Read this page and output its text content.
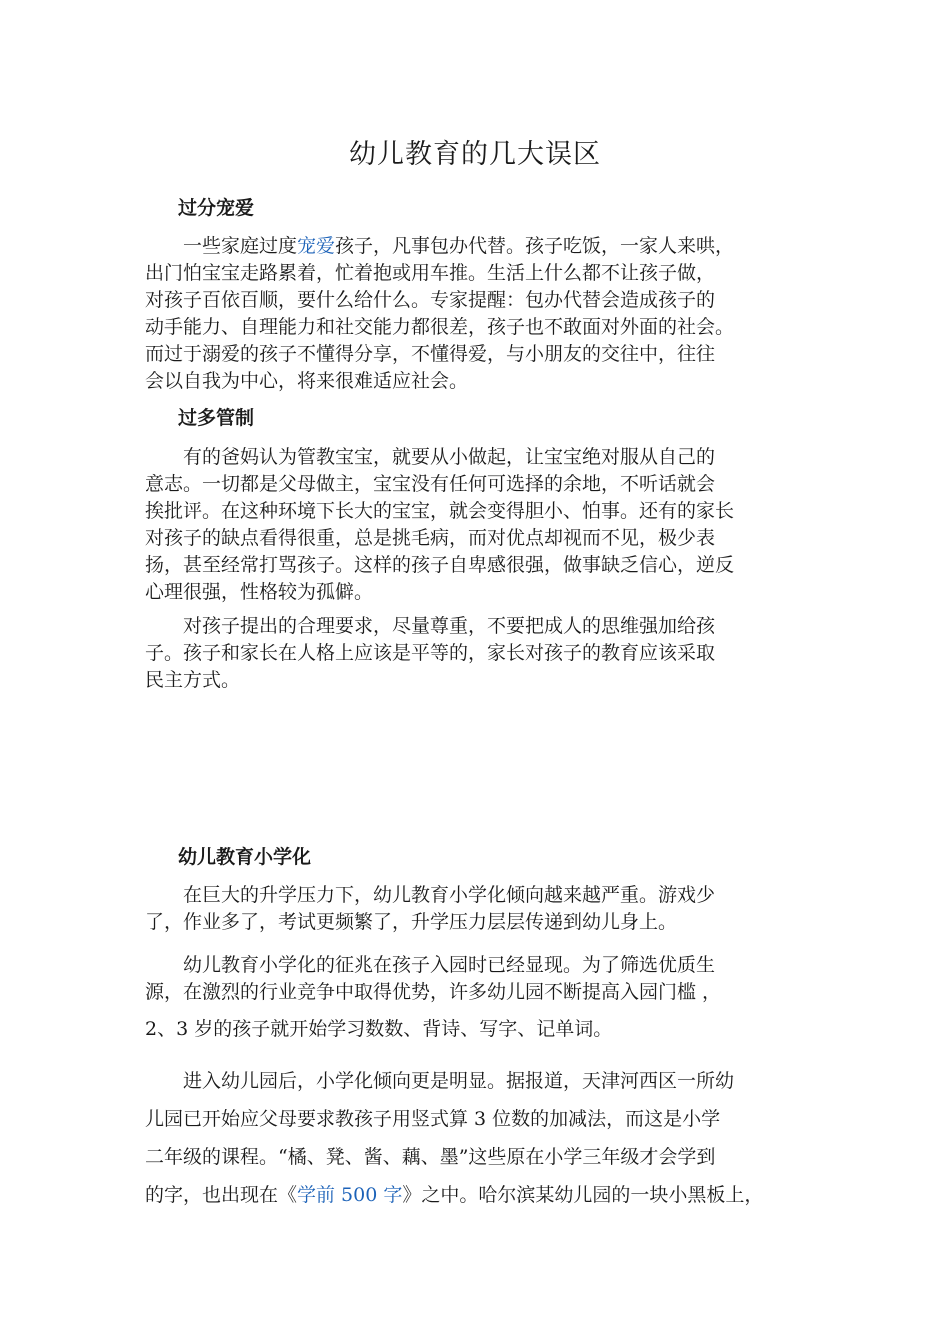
幼儿教育的几大误区
过分宠爱
　　一些家庭过度宠爱孩子，凡事包办代替。孩子吃饭，一家人来哄，
出门怕宝宝走路累着，忙着抱或用车推。生活上什么都不让孩子做，
对孩子百依百顺，要什么给什么。专家提醒：包办代替会造成孩子的
动手能力、自理能力和社交能力都很差，孩子也不敢面对外面的社会。
而过于溺爱的孩子不懂得分享，不懂得爱，与小朋友的交往中，往往
会以自我为中心，将来很难适应社会。
过多管制
　　有的爸妈认为管教宝宝，就要从小做起，让宝宝绝对服从自己的
意志。一切都是父母做主，宝宝没有任何可选择的余地，不听话就会
挨批评。在这种环境下长大的宝宝，就会变得胆小、怕事。还有的家长
对孩子的缺点看得很重，总是挑毛病，而对优点却视而不见，极少表
扬，甚至经常打骂孩子。这样的孩子自卑感很强，做事缺乏信心，逆反
心理很强，性格较为孤僻。
　　对孩子提出的合理要求，尽量尊重，不要把成人的思维强加给孩
子。孩子和家长在人格上应该是平等的，家长对孩子的教育应该采取
民主方式。
幼儿教育小学化
　　在巨大的升学压力下，幼儿教育小学化倾向越来越严重。游戏少
了，作业多了，考试更频繁了，升学压力层层传递到幼儿身上。
　　幼儿教育小学化的征兆在孩子入园时已经显现。为了筛选优质生
源，在激烈的行业竞争中取得优势，许多幼儿园不断提高入园门槛 ，
2、3 岁的孩子就开始学习数数、背诗、写字、记单词。
　　进入幼儿园后，小学化倾向更是明显。据报道，天津河西区一所幼
儿园已开始应父母要求教孩子用竖式算 3 位数的加减法，而这是小学
二年级的课程。“橘、凳、酱、藕、墨”这些原在小学三年级才会学到
的字，也出现在《学前 500 字》之中。哈尔滨某幼儿园的一块小黑板上，
